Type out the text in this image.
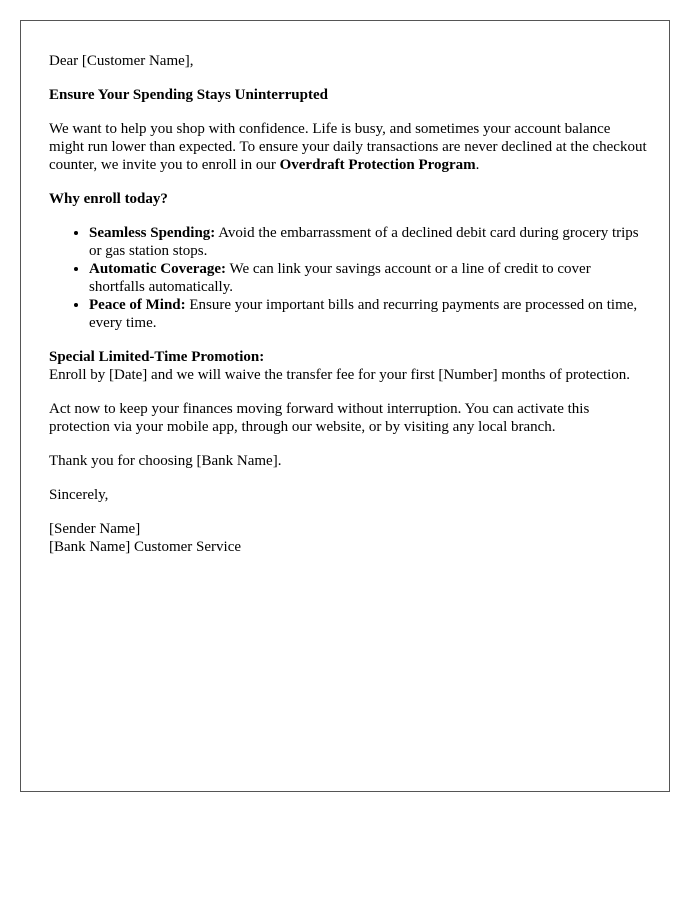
Dear [Customer Name],

Ensure Your Spending Stays Uninterrupted

We want to help you shop with confidence. Life is busy, and sometimes your account balance might run lower than expected. To ensure your daily transactions are never declined at the checkout counter, we invite you to enroll in our Overdraft Protection Program.

Why enroll today?

• Seamless Spending: Avoid the embarrassment of a declined debit card during grocery trips or gas station stops.
• Automatic Coverage: We can link your savings account or a line of credit to cover shortfalls automatically.
• Peace of Mind: Ensure your important bills and recurring payments are processed on time, every time.

Special Limited-Time Promotion:

Enroll by [Date] and we will waive the transfer fee for your first [Number] months of protection.

Act now to keep your finances moving forward without interruption. You can activate this protection via your mobile app, through our website, or by visiting any local branch.

Thank you for choosing [Bank Name].

Sincerely,

[Sender Name]

[Bank Name] Customer Service
